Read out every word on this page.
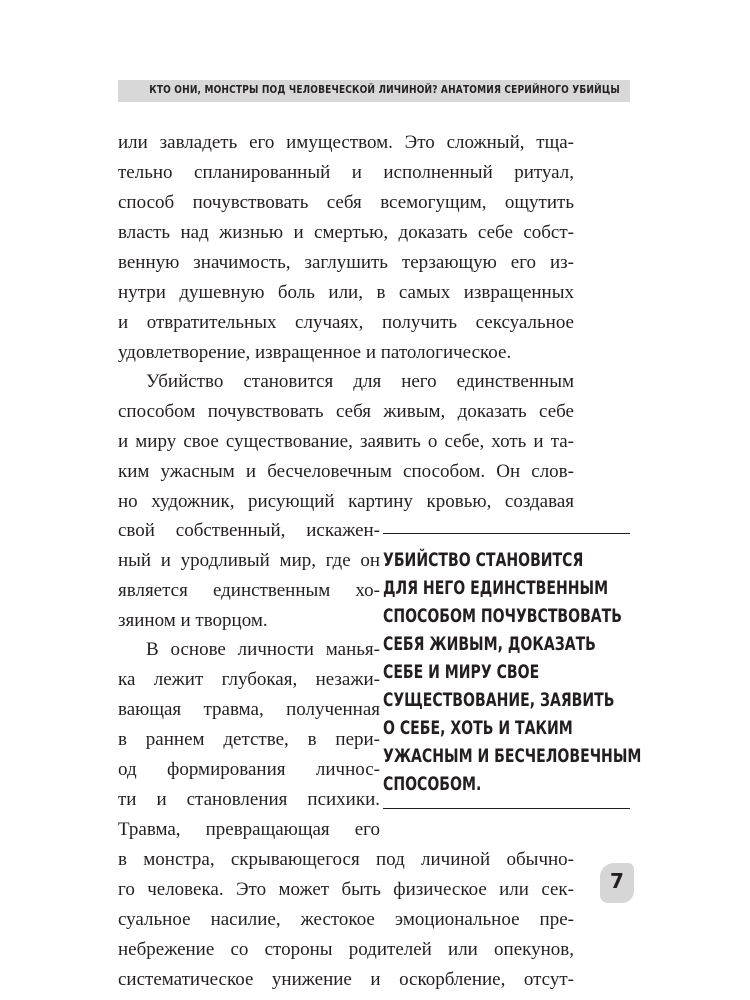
КТО ОНИ, МОНСТРЫ ПОД ЧЕЛОВЕЧЕСКОЙ ЛИЧИНОЙ? АНАТОМИЯ СЕРИЙНОГО УБИЙЦЫ
или завладеть его имуществом. Это сложный, тща-
тельно спланированный и исполненный ритуал,
способ почувствовать себя всемогущим, ощутить
власть над жизнью и смертью, доказать себе собст-
венную значимость, заглушить терзающую его из-
нутри душевную боль или, в самых извращенных
и отвратительных случаях, получить сексуальное
удовлетворение, извращенное и патологическое.
Убийство становится для него единственным
способом почувствовать себя живым, доказать себе
и миру свое существование, заявить о себе, хоть и та-
ким ужасным и бесчеловечным способом. Он слов-
но художник, рисующий картину кровью, создавая
свой собственный, искажен-
ный и уродливый мир, где он
является единственным хо-
зяином и творцом.
В основе личности манья-
ка лежит глубокая, незажи-
вающая травма, полученная
в раннем детстве, в пери-
од формирования личнос-
ти и становления психики.
Травма, превращающая его
в монстра, скрывающегося под личиной обычно-
го человека. Это может быть физическое или сек-
суальное насилие, жестокое эмоциональное пре-
небрежение со стороны родителей или опекунов,
систематическое унижение и оскорбление, отсут-
УБИЙСТВО СТАНОВИТСЯ
ДЛЯ НЕГО ЕДИНСТВЕННЫМ
СПОСОБОМ ПОЧУВСТВОВАТЬ
СЕБЯ ЖИВЫМ, ДОКАЗАТЬ
СЕБЕ И МИРУ СВОЕ
СУЩЕСТВОВАНИЕ, ЗАЯВИТЬ
О СЕБЕ, ХОТЬ И ТАКИМ
УЖАСНЫМ И БЕСЧЕЛОВЕЧНЫМ
СПОСОБОМ.
7
